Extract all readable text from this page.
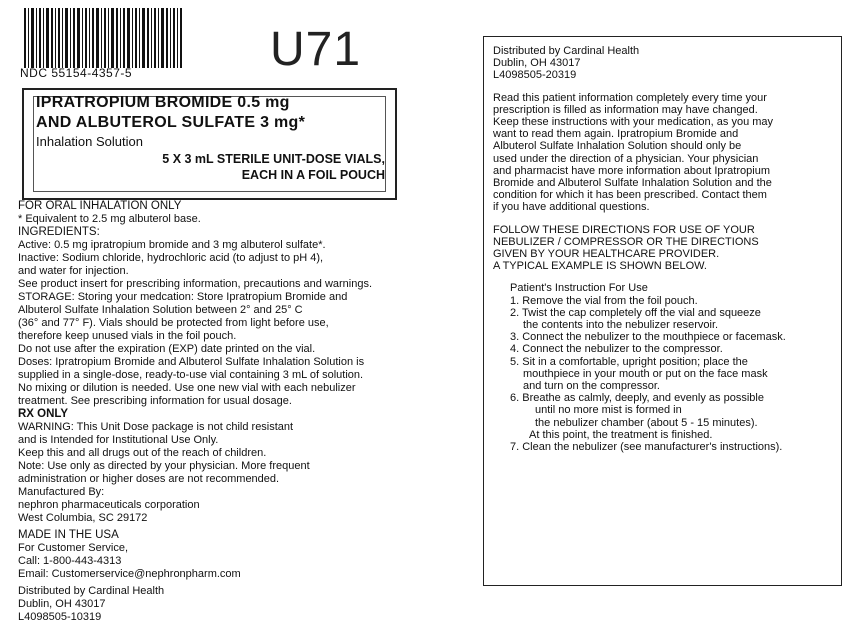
NDC 55154-4357-5	U71
IPRATROPIUM BROMIDE 0.5 mg
AND ALBUTEROL SULFATE 3 mg*
Inhalation Solution
5 X 3 mL STERILE UNIT-DOSE VIALS,
EACH IN A FOIL POUCH
FOR ORAL INHALATION ONLY
* Equivalent to 2.5 mg albuterol base.
INGREDIENTS:
Active: 0.5 mg ipratropium bromide and 3 mg albuterol sulfate*.
Inactive: Sodium chloride, hydrochloric acid (to adjust to pH 4),
and water for injection.
See product insert for prescribing information, precautions and warnings.
STORAGE: Storing your medcation: Store Ipratropium Bromide and
Albuterol Sulfate Inhalation Solution between 2° and 25° C
(36° and 77° F). Vials should be protected from light before use,
therefore keep unused vials in the foil pouch.
Do not use after the expiration (EXP) date printed on the vial.
Doses: Ipratropium Bromide and Albuterol Sulfate Inhalation Solution is
supplied in a single-dose, ready-to-use vial containing 3 mL of solution.
No mixing or dilution is needed. Use one new vial with each nebulizer
treatment. See prescribing information for usual dosage.
RX ONLY
WARNING: This Unit Dose package is not child resistant
and is Intended for Institutional Use Only.
Keep this and all drugs out of the reach of children.
Note: Use only as directed by your physician. More frequent
administration or higher doses are not recommended.
Manufactured By:
nephron pharmaceuticals corporation
West Columbia, SC 29172
MADE IN THE USA
For Customer Service,
Call: 1-800-443-4313
Email: Customerservice@nephronpharm.com
Distributed by Cardinal Health
Dublin, OH 43017
L4098505-10319
Distributed by Cardinal Health
Dublin, OH 43017
L4098505-20319
Read this patient information completely every time your
prescription is filled as information may have changed.
Keep these instructions with your medication, as you may
want to read them again. Ipratropium Bromide and
Albuterol Sulfate Inhalation Solution should only be
used under the direction of a physician. Your physician
and pharmacist have more information about Ipratropium
Bromide and Albuterol Sulfate Inhalation Solution and the
condition for which it has been prescribed. Contact them
if you have additional questions.
FOLLOW THESE DIRECTIONS FOR USE OF YOUR
NEBULIZER / COMPRESSOR OR THE DIRECTIONS
GIVEN BY YOUR HEALTHCARE PROVIDER.
A TYPICAL EXAMPLE IS SHOWN BELOW.
Patient's Instruction For Use
1. Remove the vial from the foil pouch.
2. Twist the cap completely off the vial and squeeze
the contents into the nebulizer reservoir.
3. Connect the nebulizer to the mouthpiece or facemask.
4. Connect the nebulizer to the compressor.
5. Sit in a comfortable, upright position; place the
mouthpiece in your mouth or put on the face mask
and turn on the compressor.
6. Breathe as calmly, deeply, and evenly as possible
until no more mist is formed in
the nebulizer chamber (about 5 - 15 minutes).
At this point, the treatment is finished.
7. Clean the nebulizer (see manufacturer's instructions).
